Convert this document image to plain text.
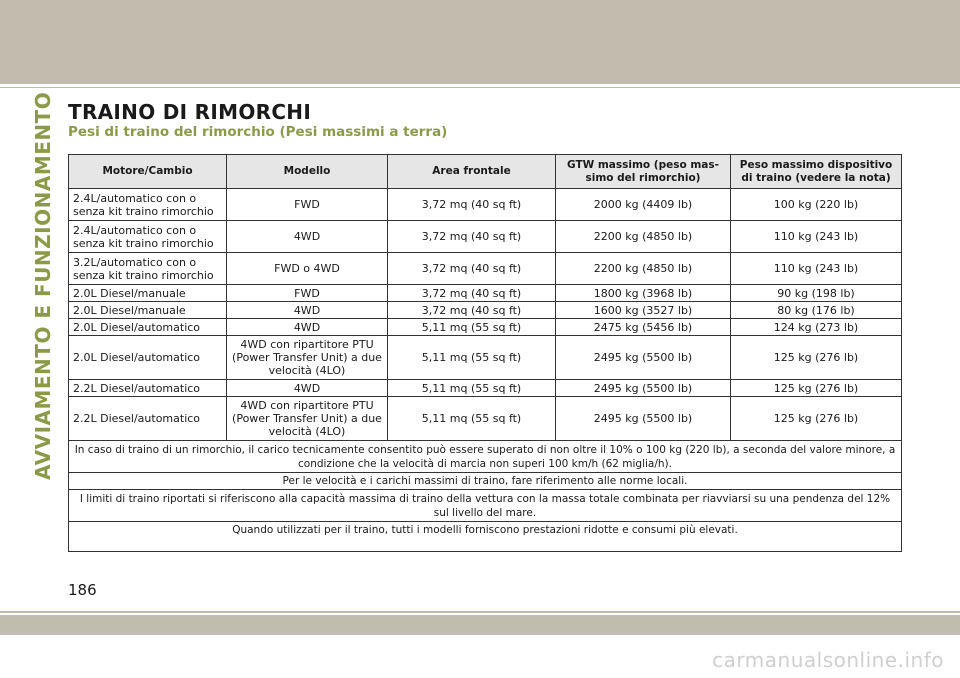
AVVIAMENTO E FUNZIONAMENTO TRAINO DI RIMORCHI
Pesi di traino del rimorchio (Pesi massimi a terra)
Motore/Cambio	Modello	Area frontale	GTW massimo (peso mas-simo del rimorchio)	Peso massimo dispositivo di traino (vedere la nota)
2.4L/automatico con o senza kit traino rimorchio	FWD	3,72 mq (40 sq ft)	2000 kg (4409 lb)	100 kg (220 lb)
2.4L/automatico con o senza kit traino rimorchio	4WD	3,72 mq (40 sq ft)	2200 kg (4850 lb)	110 kg (243 lb)
3.2L/automatico con o senza kit traino rimorchio	FWD o 4WD	3,72 mq (40 sq ft)	2200 kg (4850 lb)	110 kg (243 lb)
2.0L Diesel/manuale	FWD	3,72 mq (40 sq ft)	1800 kg (3968 lb)	90 kg (198 lb)
2.0L Diesel/manuale	4WD	3,72 mq (40 sq ft)	1600 kg (3527 lb)	80 kg (176 lb)
2.0L Diesel/automatico	4WD	5,11 mq (55 sq ft)	2475 kg (5456 lb)	124 kg (273 lb)
2.0L Diesel/automatico	4WD con ripartitore PTU (Power Transfer Unit) a due velocità (4LO)	5,11 mq (55 sq ft)	2495 kg (5500 lb)	125 kg (276 lb)
2.2L Diesel/automatico	4WD	5,11 mq (55 sq ft)	2495 kg (5500 lb)	125 kg (276 lb)
2.2L Diesel/automatico	4WD con ripartitore PTU (Power Transfer Unit) a due velocità (4LO)	5,11 mq (55 sq ft)	2495 kg (5500 lb)	125 kg (276 lb)
In caso di traino di un rimorchio, il carico tecnicamente consentito può essere superato di non oltre il 10% o 100 kg (220 lb), a seconda del valore minore, a condizione che la velocità di marcia non superi 100 km/h (62 miglia/h).				
Per le velocità e i carichi massimi di traino, fare riferimento alle norme locali.				
I limiti di traino riportati si riferiscono alla capacità massima di traino della vettura con la massa totale combinata per riavviarsi su una pendenza del 12% sul livello del mare.				
Quando utilizzati per il traino, tutti i modelli forniscono prestazioni ridotte e consumi più elevati.				
186
carmanualsonline.info
